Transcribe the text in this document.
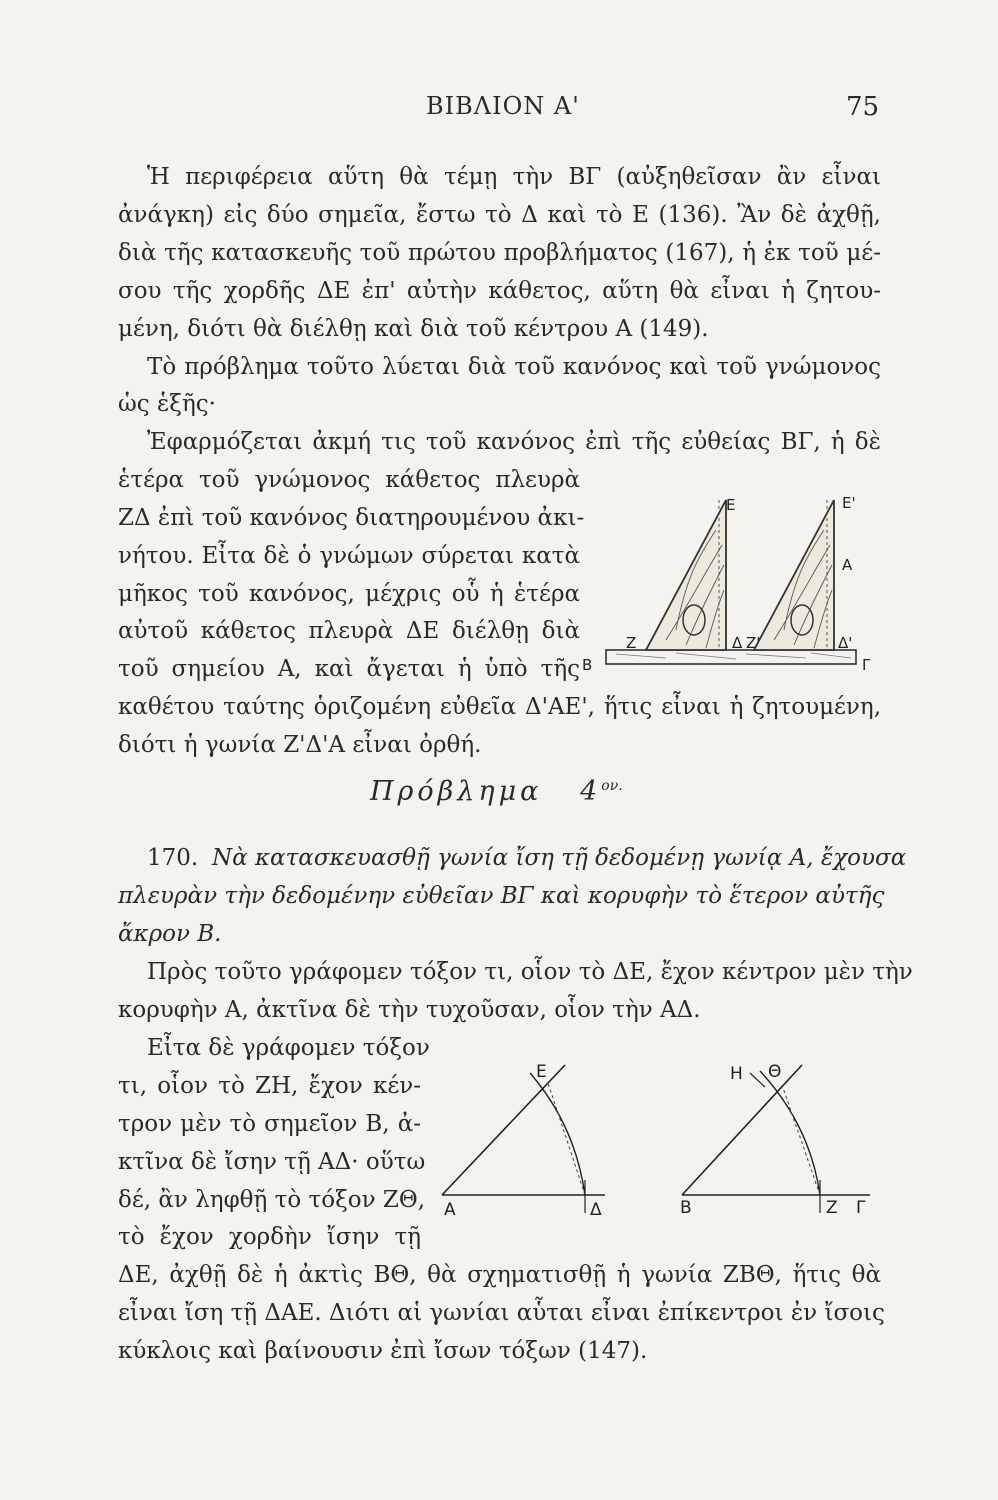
ΒΙΒΛΙΟΝ Α'	75
Ἡ περιφέρεια αὕτη θὰ τέμῃ τὴν ΒΓ (αὐξηθεῖσαν ἂν εἶναι
ἀνάγκη) εἰς δύο σημεῖα, ἔστω τὸ Δ καὶ τὸ Ε (136). Ἂν δὲ ἀχθῇ,
διὰ τῆς κατασκευῆς τοῦ πρώτου προβλήματος (167), ἡ ἐκ τοῦ μέ-
σου τῆς χορδῆς ΔΕ ἐπ' αὐτὴν κάθετος, αὕτη θὰ εἶναι ἡ ζητου-
μένη, διότι θὰ διέλθῃ καὶ διὰ τοῦ κέντρου Α (149).
Τὸ πρόβλημα τοῦτο λύεται διὰ τοῦ κανόνος καὶ τοῦ γνώμονος
ὡς ἑξῆς·
Ἐφαρμόζεται ἀκμή τις τοῦ κανόνος ἐπὶ τῆς εὐθείας ΒΓ, ἡ δὲ
ἑτέρα τοῦ γνώμονος κάθετος πλευρὰ
ΖΔ ἐπὶ τοῦ κανόνος διατηρουμένου ἀκι-
νήτου. Εἶτα δὲ ὁ γνώμων σύρεται κατὰ
μῆκος τοῦ κανόνος, μέχρις οὗ ἡ ἑτέρα
αὐτοῦ κάθετος πλευρὰ ΔΕ διέλθῃ διὰ
τοῦ σημείου Α, καὶ ἄγεται ἡ ὑπὸ τῆς
καθέτου ταύτης ὁριζομένη εὐθεῖα Δ'ΑΕ', ἥτις εἶναι ἡ ζητουμένη,
διότι ἡ γωνία Ζ'Δ'Α εἶναι ὀρθή.
Ε	Ε'
Α
Β	Γ
Ζ	Δ Ζ'	Δ'
Πρόβλημα $4^{o\nu.}$
170. Νὰ κατασκευασθῇ γωνία ἴση τῇ δεδομένῃ γωνίᾳ Α, ἔχουσα
πλευρὰν τὴν δεδομένην εὐθεῖαν ΒΓ καὶ κορυφὴν τὸ ἕτερον αὐτῆς
ἄκρον Β.
Πρὸς τοῦτο γράφομεν τόξον τι, οἷον τὸ ΔΕ, ἔχον κέντρον μὲν τὴν
κορυφὴν Α, ἀκτῖνα δὲ τὴν τυχοῦσαν, οἷον τὴν ΑΔ.
Εἶτα δὲ γράφομεν τόξον
τι, οἷον τὸ ΖΗ, ἔχον κέν-
τρον μὲν τὸ σημεῖον Β, ἀ-
κτῖνα δὲ ἴσην τῇ ΑΔ· οὕτω
δέ, ἂν ληφθῇ τὸ τόξον ΖΘ,
τὸ ἔχον χορδὴν ἴσην τῇ
ΔΕ, ἀχθῇ δὲ ἡ ἀκτὶς ΒΘ, θὰ σχηματισθῇ ἡ γωνία ΖΒΘ, ἥτις θὰ
εἶναι ἴση τῇ ΔΑΕ. Διότι αἱ γωνίαι αὗται εἶναι ἐπίκεντροι ἐν ἴσοις
κύκλοις καὶ βαίνουσιν ἐπὶ ἴσων τόξων (147).
Ε
Α	Δ
Η Θ
Β	Ζ Γ
